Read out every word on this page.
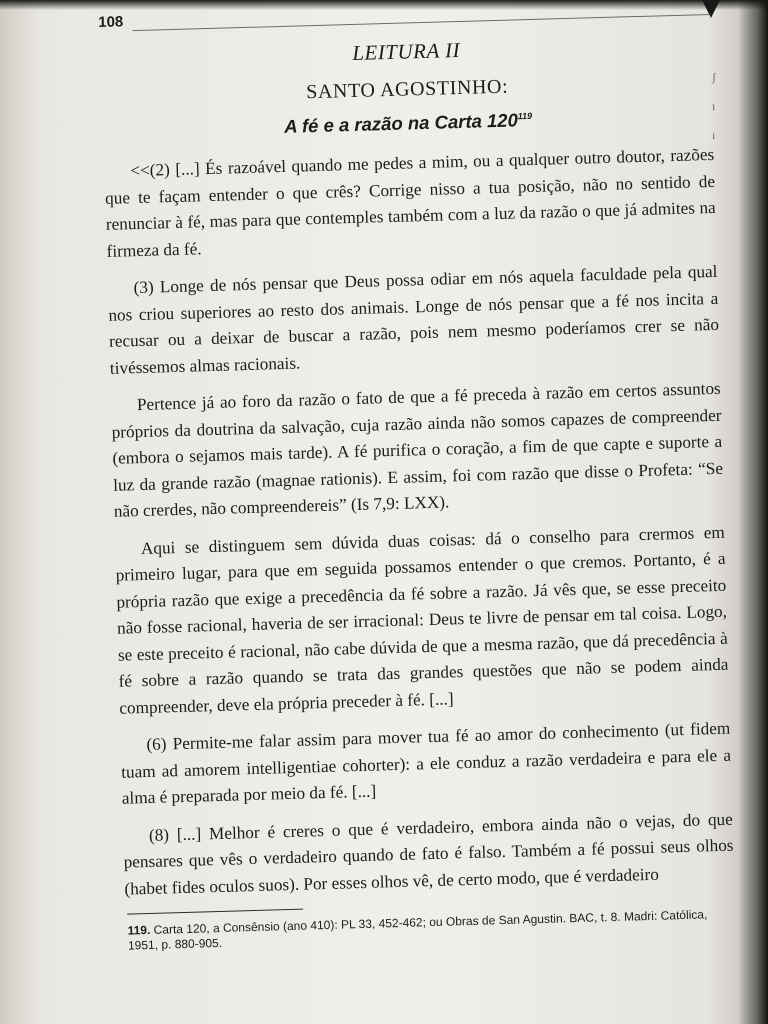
ʃ
ı
ı
108
LEITURA II
SANTO AGOSTINHO:
A fé e a razão na Carta $120^{119}$

<<(2) [...] És razoável quando me pedes a mim, ou a qualquer outro doutor, razões que te façam entender o que crês? Corrige nisso a tua posição, não no sentido de renunciar à fé, mas para que contemples também com a luz da razão o que já admites na firmeza da fé.

(3) Longe de nós pensar que Deus possa odiar em nós aquela faculdade pela qual nos criou superiores ao resto dos animais. Longe de nós pensar que a fé nos incita a recusar ou a deixar de buscar a razão, pois nem mesmo poderíamos crer se não tivéssemos almas racionais.

Pertence já ao foro da razão o fato de que a fé preceda à razão em certos assuntos próprios da doutrina da salvação, cuja razão ainda não somos capazes de compreender (embora o sejamos mais tarde). A fé purifica o coração, a fim de que capte e suporte a luz da grande razão (magnae rationis). E assim, foi com razão que disse o Profeta: “Se não crerdes, não compreendereis” (Is 7,9: LXX).

Aqui se distinguem sem dúvida duas coisas: dá o conselho para crermos em primeiro lugar, para que em seguida possamos entender o que cremos. Portanto, é a própria razão que exige a precedência da fé sobre a razão. Já vês que, se esse preceito não fosse racional, haveria de ser irracional: Deus te livre de pensar em tal coisa. Logo, se este preceito é racional, não cabe dúvida de que a mesma razão, que dá precedência à fé sobre a razão quando se trata das grandes questões que não se podem ainda compreender, deve ela própria preceder à fé. [...]

(6) Permite-me falar assim para mover tua fé ao amor do conhecimento (ut fidem tuam ad amorem intelligentiae cohorter): a ele conduz a razão verdadeira e para ele a alma é preparada por meio da fé. [...]

(8) [...] Melhor é creres o que é verdadeiro, embora ainda não o vejas, do que pensares que vês o verdadeiro quando de fato é falso. Também a fé possui seus olhos (habet fides oculos suos). Por esses olhos vê, de certo modo, que é verdadeiro

119. Carta 120, a Consênsio (ano 410): PL 33, 452-462; ou Obras de San Agustin. BAC, t. 8. Madri: Católica, 1951, p. 880-905.
